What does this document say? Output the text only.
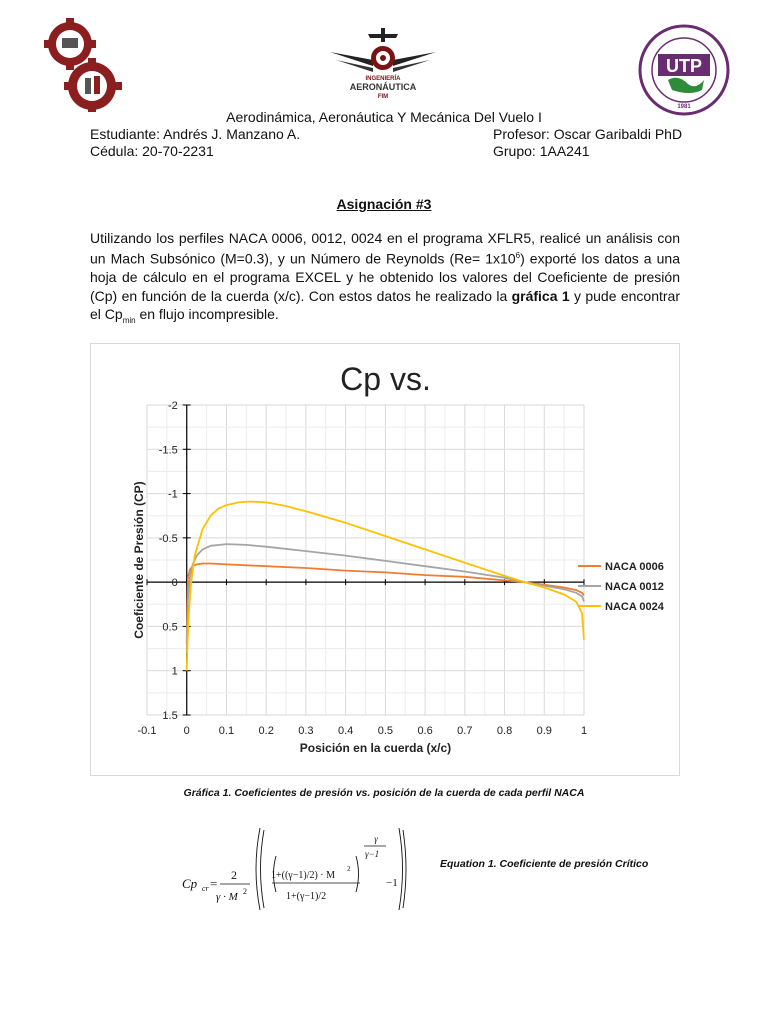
INGENIERÍA
AERONÁUTICA
FIM
UTP
1981
Aerodinámica, Aeronáutica Y Mecánica Del Vuelo I
Estudiante: Andrés J. Manzano A.
Cédula: 20-70-2231
Profesor: Oscar Garibaldi PhD
Grupo: 1AA241
Asignación #3
Utilizando los perfiles NACA 0006, 0012, 0024 en el programa XFLR5, realicé un análisis con un Mach Subsónico (M=0.3), y un Número de Reynolds $(Re= 1x10^6)$ exporté los datos a una hoja de cálculo en el programa EXCEL y he obtenido los valores del Coeficiente de presión (Cp) en función de la cuerda (x/c). Con estos datos he realizado la gráfica 1 y pude encontrar el $Cp_{min}$ en flujo incompresible.
Cp vs.
-0.1 0	0.1 0.2 0.3 0.4 0.5 0.6 0.7 0.8 0.9	1
-2
-1.5
-1
-0.5
0
0.5
1
1.5
Posición en la cuerda (x/c)
Coeficiente de Presión (CP)	NACA 0006
NACA 0012
NACA 0024
Gráfica 1. Coeficientes de presión vs. posición de la cuerda de cada perfil NACA
Cp cr =
2
γ · M 2
1+((γ−1)/2) · M
2
1+(γ−1)/2
γ
γ−1
−1
Equation 1. Coeficiente de presión Crítico
